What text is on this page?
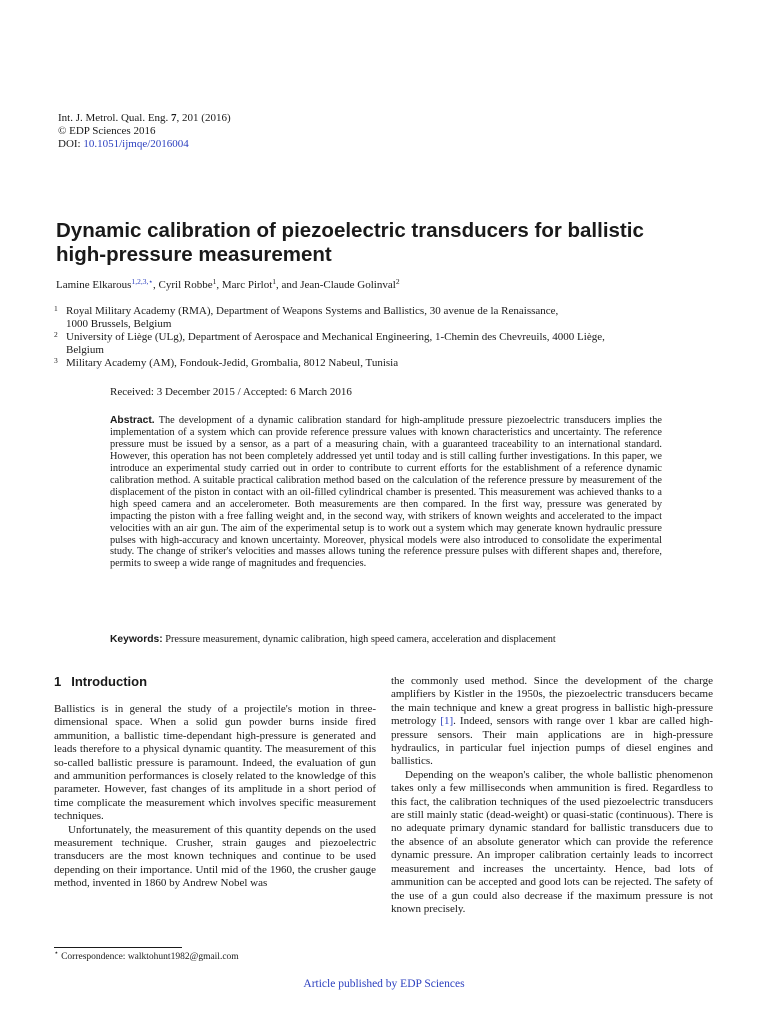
Int. J. Metrol. Qual. Eng. 7, 201 (2016)
© EDP Sciences 2016
DOI: 10.1051/ijmqe/2016004
Dynamic calibration of piezoelectric transducers for ballistic
high-pressure measurement
Lamine Elkarous$^{1,2,3,⋆}$, Cyril Robbe$^1$, Marc Pirlot$^1$, and Jean-Claude Golinval$^2$
1 Royal Military Academy (RMA), Department of Weapons Systems and Ballistics, 30 avenue de la Renaissance,
1000 Brussels, Belgium
2 University of Liège (ULg), Department of Aerospace and Mechanical Engineering, 1-Chemin des Chevreuils, 4000 Liège,
Belgium
3 Military Academy (AM), Fondouk-Jedid, Grombalia, 8012 Nabeul, Tunisia
Received: 3 December 2015 / Accepted: 6 March 2016
Abstract. The development of a dynamic calibration standard for high-amplitude pressure piezoelectric transducers implies the implementation of a system which can provide reference pressure values with known characteristics and uncertainty. The reference pressure must be issued by a sensor, as a part of a measuring chain, with a guaranteed traceability to an international standard. However, this operation has not been completely addressed yet until today and is still calling further investigations. In this paper, we introduce an experimental study carried out in order to contribute to current efforts for the establishment of a reference dynamic calibration method. A suitable practical calibration method based on the calculation of the reference pressure by measurement of the displacement of the piston in contact with an oil-filled cylindrical chamber is presented. This measurement was achieved thanks to a high speed camera and an accelerometer. Both measurements are then compared. In the first way, pressure was generated by impacting the piston with a free falling weight and, in the second way, with strikers of known weights and accelerated to the impact velocities with an air gun. The aim of the experimental setup is to work out a system which may generate known hydraulic pressure pulses with high-accuracy and known uncertainty. Moreover, physical models were also introduced to consolidate the experimental study. The change of striker's velocities and masses allows tuning the reference pressure pulses with different shapes and, therefore, permits to sweep a wide range of magnitudes and frequencies.
Keywords: Pressure measurement, dynamic calibration, high speed camera, acceleration and displacement
1 Introduction

Ballistics is in general the study of a projectile's motion in three-dimensional space. When a solid gun powder burns inside fired ammunition, a ballistic time-dependant high-pressure is generated and leads therefore to a physical dynamic quantity. The measurement of this so-called ballistic pressure is paramount. Indeed, the evaluation of gun and ammunition performances is closely related to the knowledge of this parameter. However, fast changes of its amplitude in a short period of time complicate the measurement which involves specific measurement techniques.

Unfortunately, the measurement of this quantity depends on the used measurement technique. Crusher, strain gauges and piezoelectric transducers are the most known techniques and continue to be used depending on their importance. Until mid of the 1960, the crusher gauge method, invented in 1860 by Andrew Nobel was

the commonly used method. Since the development of the charge amplifiers by Kistler in the 1950s, the piezoelectric transducers became the main technique and knew a great progress in ballistic high-pressure metrology [1]. Indeed, sensors with range over 1 kbar are called high-pressure sensors. Their main applications are in high-pressure hydraulics, in particular fuel injection pumps of diesel engines and ballistics.

Depending on the weapon's caliber, the whole ballistic phenomenon takes only a few milliseconds when ammunition is fired. Regardless to this fact, the calibration techniques of the used piezoelectric transducers are still mainly static (dead-weight) or quasi-static (continuous). There is no adequate primary dynamic standard for ballistic transducers due to the absence of an absolute generator which can provide the reference dynamic pressure. An improper calibration certainly leads to incorrect measurement and increases the uncertainty. Hence, bad lots of ammunition can be accepted and good lots can be rejected. The safety of the use of a gun could also decrease if the maximum pressure is not known precisely.

⋆ Correspondence: walktohunt1982@gmail.com
Article published by EDP Sciences
